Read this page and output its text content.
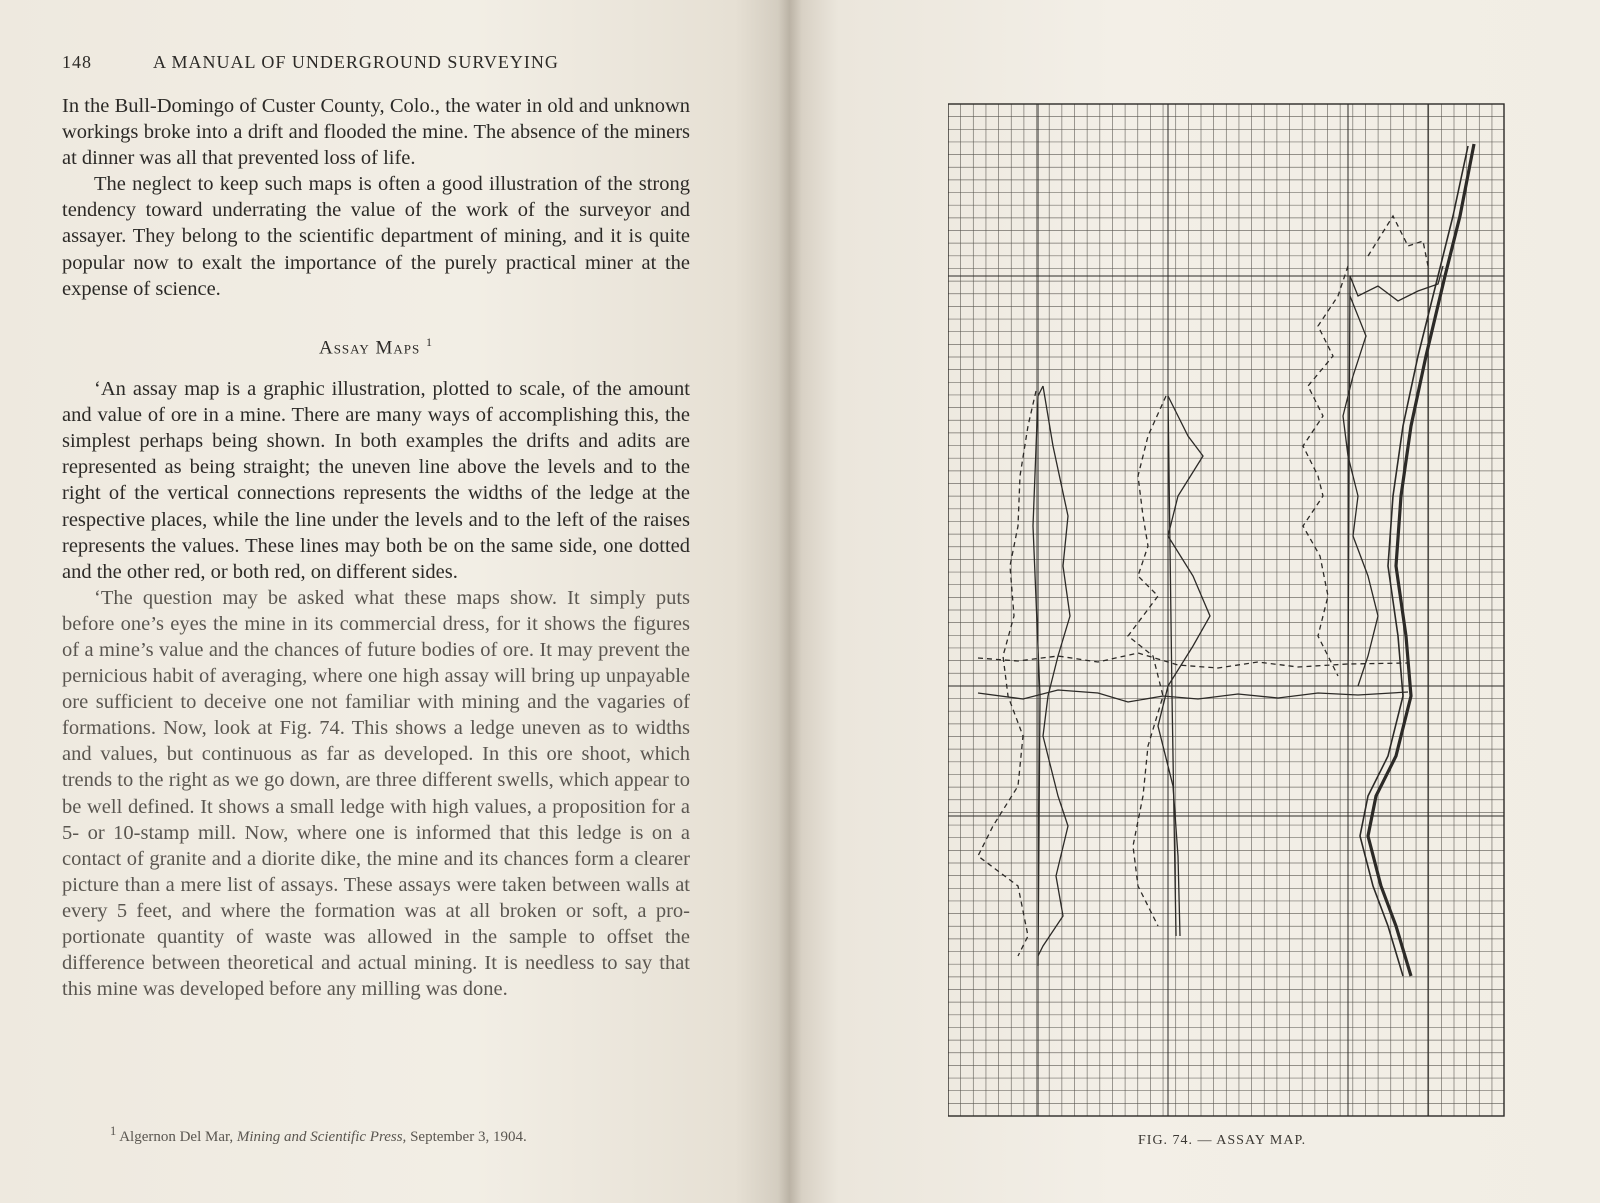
148	A MANUAL OF UNDERGROUND SURVEYING

In the Bull-Domingo of Custer County, Colo., the water in old and unknown workings broke into a drift and flooded the mine. The absence of the miners at dinner was all that prevented loss of life.

The neglect to keep such maps is often a good illustration of the strong tendency toward underrating the value of the work of the surveyor and assayer. They belong to the scientific department of mining, and it is quite popular now to exalt the importance of the purely practical miner at the expense of science.

Assay Maps $^1$

‘An assay map is a graphic illustration, plotted to scale, of the amount and value of ore in a mine. There are many ways of accomplishing this, the simplest perhaps being shown. In both examples the drifts and adits are represented as being straight; the uneven line above the levels and to the right of the vertical connections represents the widths of the ledge at the respective places, while the line under the levels and to the left of the raises represents the values. These lines may both be on the same side, one dotted and the other red, or both red, on different sides.

‘The question may be asked what these maps show. It simply puts before one’s eyes the mine in its commercial dress, for it shows the figures of a mine’s value and the chances of future bodies of ore. It may prevent the pernicious habit of averaging, where one high assay will bring up unpayable ore sufficient to deceive one not familiar with mining and the vagaries of formations. Now, look at Fig. 74. This shows a ledge uneven as to widths and values, but continuous as far as developed. In this ore shoot, which trends to the right as we go down, are three different swells, which appear to be well defined. It shows a small ledge with high values, a proposition for a 5- or 10-stamp mill. Now, where one is informed that this ledge is on a contact of granite and a diorite dike, the mine and its chances form a clearer picture than a mere list of assays. These assays were taken between walls at every 5 feet, and where the formation was at all broken or soft, a proportionate quantity of waste was allowed in the sample to offset the difference between theoretical and actual mining. It is needless to say that this mine was developed before any milling was done.

$^1$ Algernon Del Mar, Mining and Scientific Press, September 3, 1904.	FIG. 74. — ASSAY MAP.
